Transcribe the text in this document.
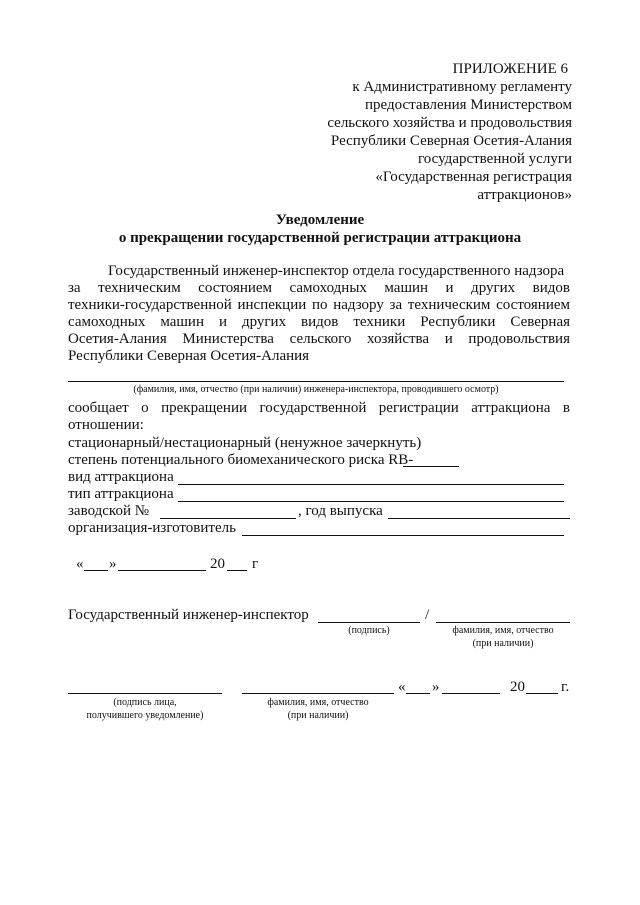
ПРИЛОЖЕНИЕ 6
к Административному регламенту
предоставления Министерством
сельского хозяйства и продовольствия
Республики Северная Осетия-Алания
государственной услуги
«Государственная регистрация
аттракционов»
Уведомление
о прекращении государственной регистрации аттракциона
Государственный инженер-инспектор отдела государственного надзора
за техническим состоянием самоходных машин и других видов
техники-государственной инспекции по надзору за техническим состоянием
самоходных машин и других видов техники Республики Северная
Осетия-Алания Министерства сельского хозяйства и продовольствия
Республики Северная Осетия-Алания
(фамилия, имя, отчество (при наличии) инженера-инспектора, проводившего осмотр)
сообщает о прекращении государственной регистрации аттракциона в
отношении:
стационарный/нестационарный (ненужное зачеркнуть)
степень потенциального биомеханического риска RB-
вид аттракциона
тип аттракциона
заводской №	, год выпуска
организация-изготовитель
« »	20 г
Государственный инженер-инспектор	/
(подпись)	фамилия, имя, отчество
(при наличии)
« »	20 г.
(подпись лица,
получившего уведомление)
фамилия, имя, отчество
(при наличии)
